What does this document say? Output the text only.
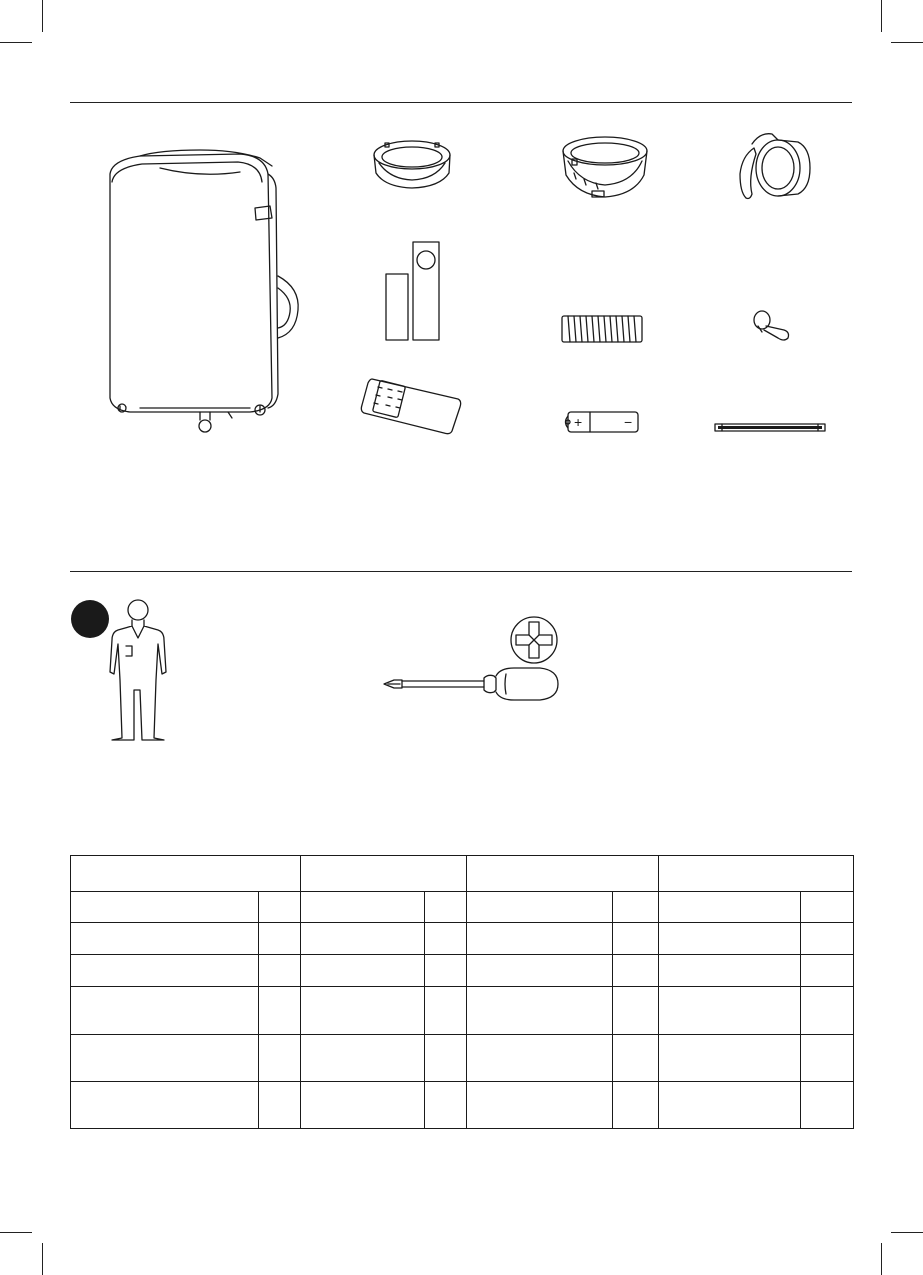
+	−
